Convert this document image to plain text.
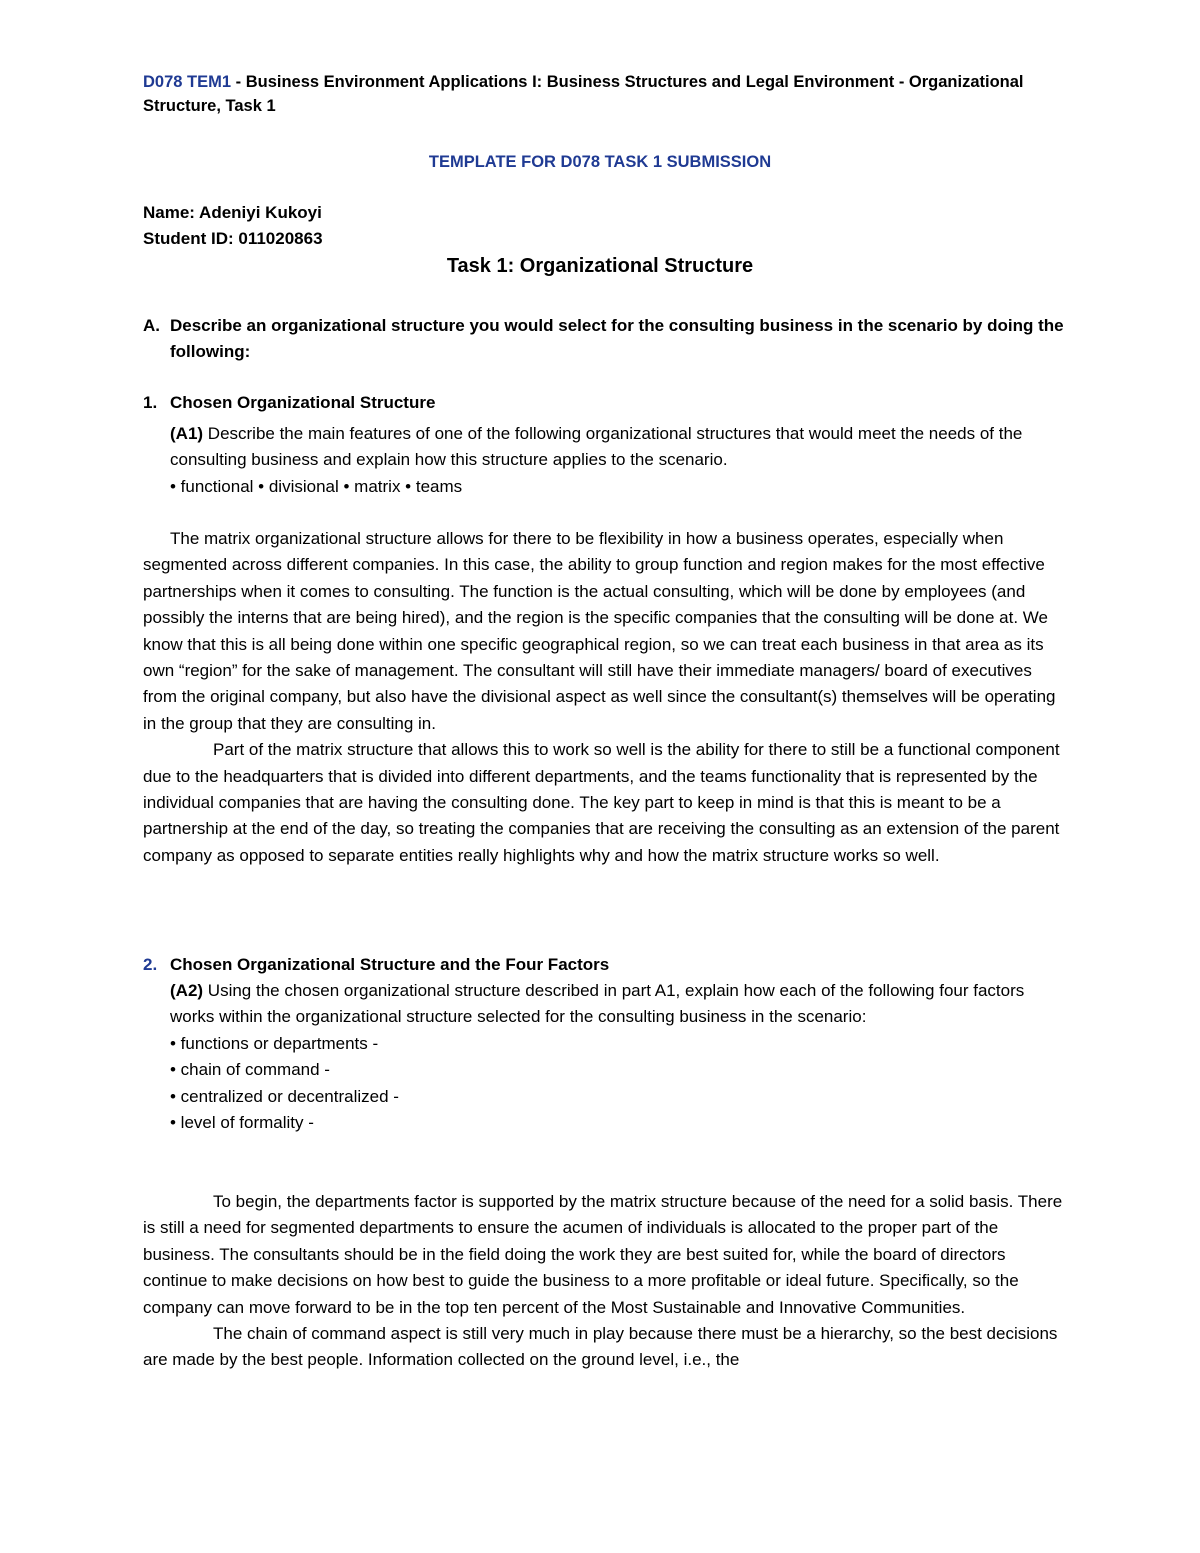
D078 TEM1 - Business Environment Applications I: Business Structures and Legal Environment - Organizational Structure, Task 1
TEMPLATE FOR D078 TASK 1 SUBMISSION
Name: Adeniyi Kukoyi
Student ID: 011020863
Task 1: Organizational Structure
A. Describe an organizational structure you would select for the consulting business in the scenario by doing the following:
1. Chosen Organizational Structure
(A1) Describe the main features of one of the following organizational structures that would meet the needs of the consulting business and explain how this structure applies to the scenario.
• functional • divisional • matrix • teams

The matrix organizational structure allows for there to be flexibility in how a business operates, especially when segmented across different companies. In this case, the ability to group function and region makes for the most effective partnerships when it comes to consulting. The function is the actual consulting, which will be done by employees (and possibly the interns that are being hired), and the region is the specific companies that the consulting will be done at. We know that this is all being done within one specific geographical region, so we can treat each business in that area as its own “region” for the sake of management. The consultant will still have their immediate managers/ board of executives from the original company, but also have the divisional aspect as well since the consultant(s) themselves will be operating in the group that they are consulting in.

Part of the matrix structure that allows this to work so well is the ability for there to still be a functional component due to the headquarters that is divided into different departments, and the teams functionality that is represented by the individual companies that are having the consulting done. The key part to keep in mind is that this is meant to be a partnership at the end of the day, so treating the companies that are receiving the consulting as an extension of the parent company as opposed to separate entities really highlights why and how the matrix structure works so well.

2. Chosen Organizational Structure and the Four Factors
(A2) Using the chosen organizational structure described in part A1, explain how each of the following four factors works within the organizational structure selected for the consulting business in the scenario:
• functions or departments -
• chain of command -
• centralized or decentralized -
• level of formality -

To begin, the departments factor is supported by the matrix structure because of the need for a solid basis. There is still a need for segmented departments to ensure the acumen of individuals is allocated to the proper part of the business. The consultants should be in the field doing the work they are best suited for, while the board of directors continue to make decisions on how best to guide the business to a more profitable or ideal future. Specifically, so the company can move forward to be in the top ten percent of the Most Sustainable and Innovative Communities.

The chain of command aspect is still very much in play because there must be a hierarchy, so the best decisions are made by the best people. Information collected on the ground level, i.e., the
